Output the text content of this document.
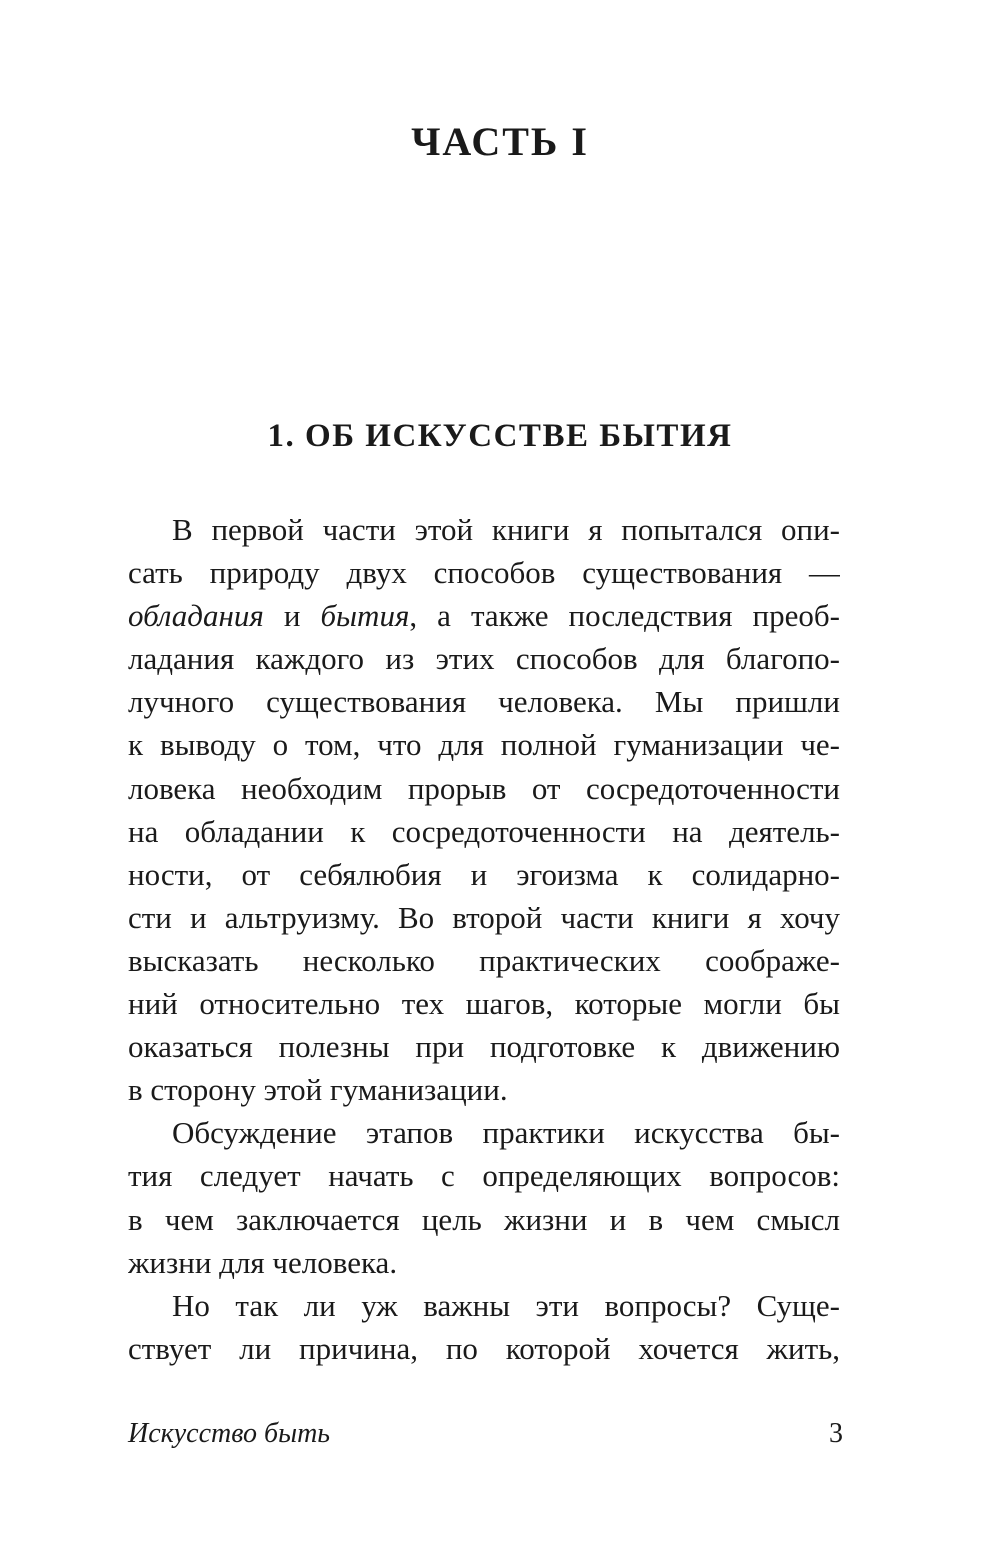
ЧАСТЬ I
1. ОБ ИСКУССТВЕ БЫТИЯ
В первой части этой книги я попытался опи-
сать природу двух способов существования —
обладания и бытия, а также последствия преоб-
ладания каждого из этих способов для благопо-
лучного существования человека. Мы пришли
к выводу о том, что для полной гуманизации че-
ловека необходим прорыв от сосредоточенности
на обладании к сосредоточенности на деятель-
ности, от себялюбия и эгоизма к солидарно-
сти и альтруизму. Во второй части книги я хочу
высказать несколько практических соображе-
ний относительно тех шагов, которые могли бы
оказаться полезны при подготовке к движению
в сторону этой гуманизации.
Обсуждение этапов практики искусства бы-
тия следует начать с определяющих вопросов:
в чем заключается цель жизни и в чем смысл
жизни для человека.
Но так ли уж важны эти вопросы? Суще-
ствует ли причина, по которой хочется жить,

Искусство быть	3
